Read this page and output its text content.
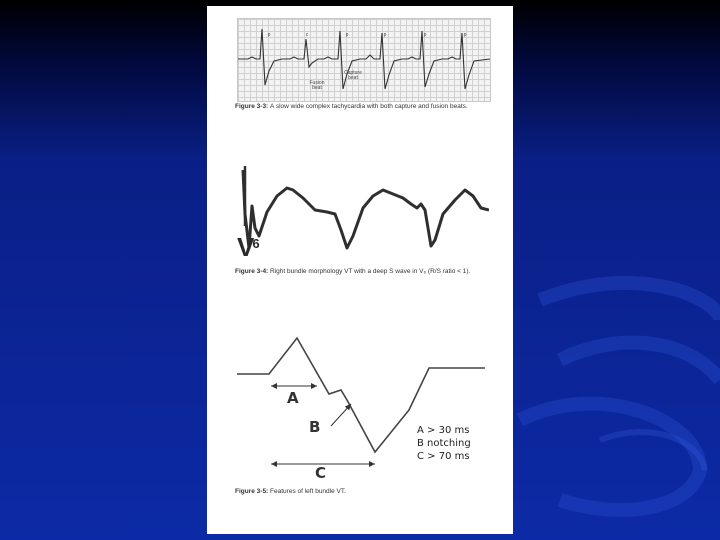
p	c	p	p	p	p
Fusion beat
Capture beat
Figure 3-3: A slow wide complex tachycardia with both capture and fusion beats.
$V_6$
Figure 3-4: Right bundle morphology VT with a deep S wave in V₆ (R/S ratio < 1).
A
B
C
A > 30 ms
B notching
C > 70 ms
Figure 3-5: Features of left bundle VT.
